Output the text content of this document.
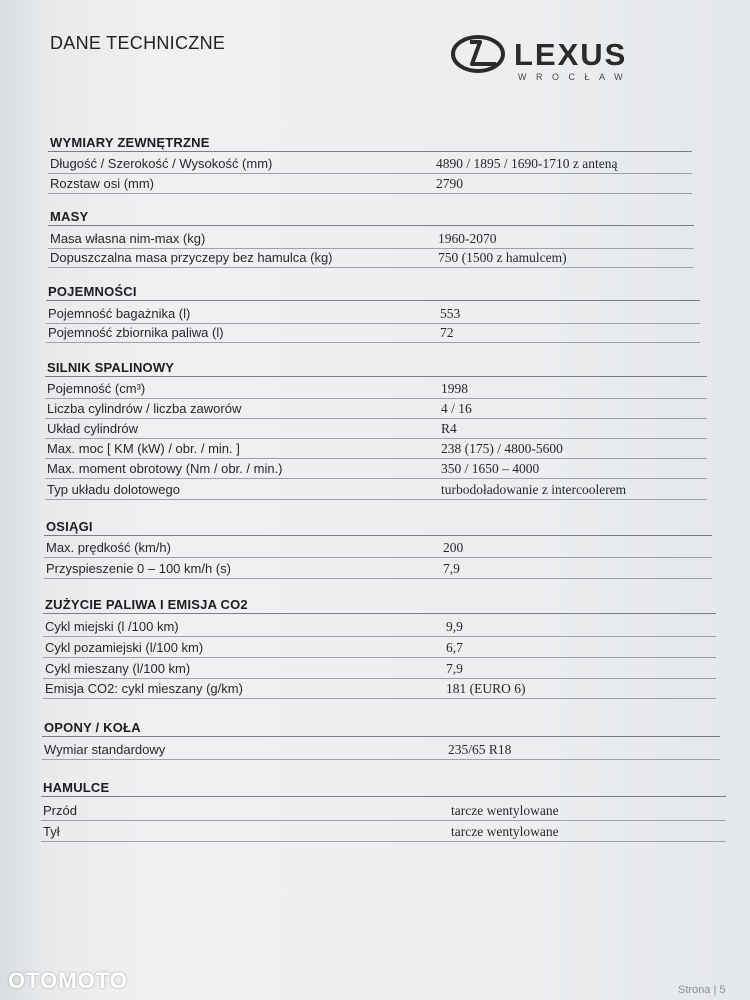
DANE TECHNICZNE	LEXUS
WROCŁAW
WYMIARY ZEWNĘTRZNE
Długość / Szerokość / Wysokość (mm)	4890 / 1895 / 1690-1710 z anteną
Rozstaw osi (mm)	2790
MASY
Masa własna nim-max (kg)	1960-2070
Dopuszczalna masa przyczepy bez hamulca (kg)	750 (1500 z hamulcem)
POJEMNOŚCI
Pojemność bagażnika (l)	553
Pojemność zbiornika paliwa (l)	72
SILNIK SPALINOWY
Pojemność (cm³)	1998
Liczba cylindrów / liczba zaworów	4 / 16
Układ cylindrów	R4
Max. moc [ KM (kW) / obr. / min. ]	238 (175) / 4800-5600
Max. moment obrotowy (Nm / obr. / min.)	350 / 1650 – 4000
Typ układu dolotowego	turbodoładowanie z intercoolerem
OSIĄGI
Max. prędkość (km/h)	200
Przyspieszenie 0 – 100 km/h (s)	7,9
ZUŻYCIE PALIWA I EMISJA CO2
Cykl miejski (l /100 km)	9,9
Cykl pozamiejski (l/100 km)	6,7
Cykl mieszany (l/100 km)	7,9
Emisja CO2: cykl mieszany (g/km)	181 (EURO 6)
OPONY / KOŁA
Wymiar standardowy	235/65 R18
HAMULCE
Przód	tarcze wentylowane
Tył	tarcze wentylowane
OTOMOTO	Strona | 5
